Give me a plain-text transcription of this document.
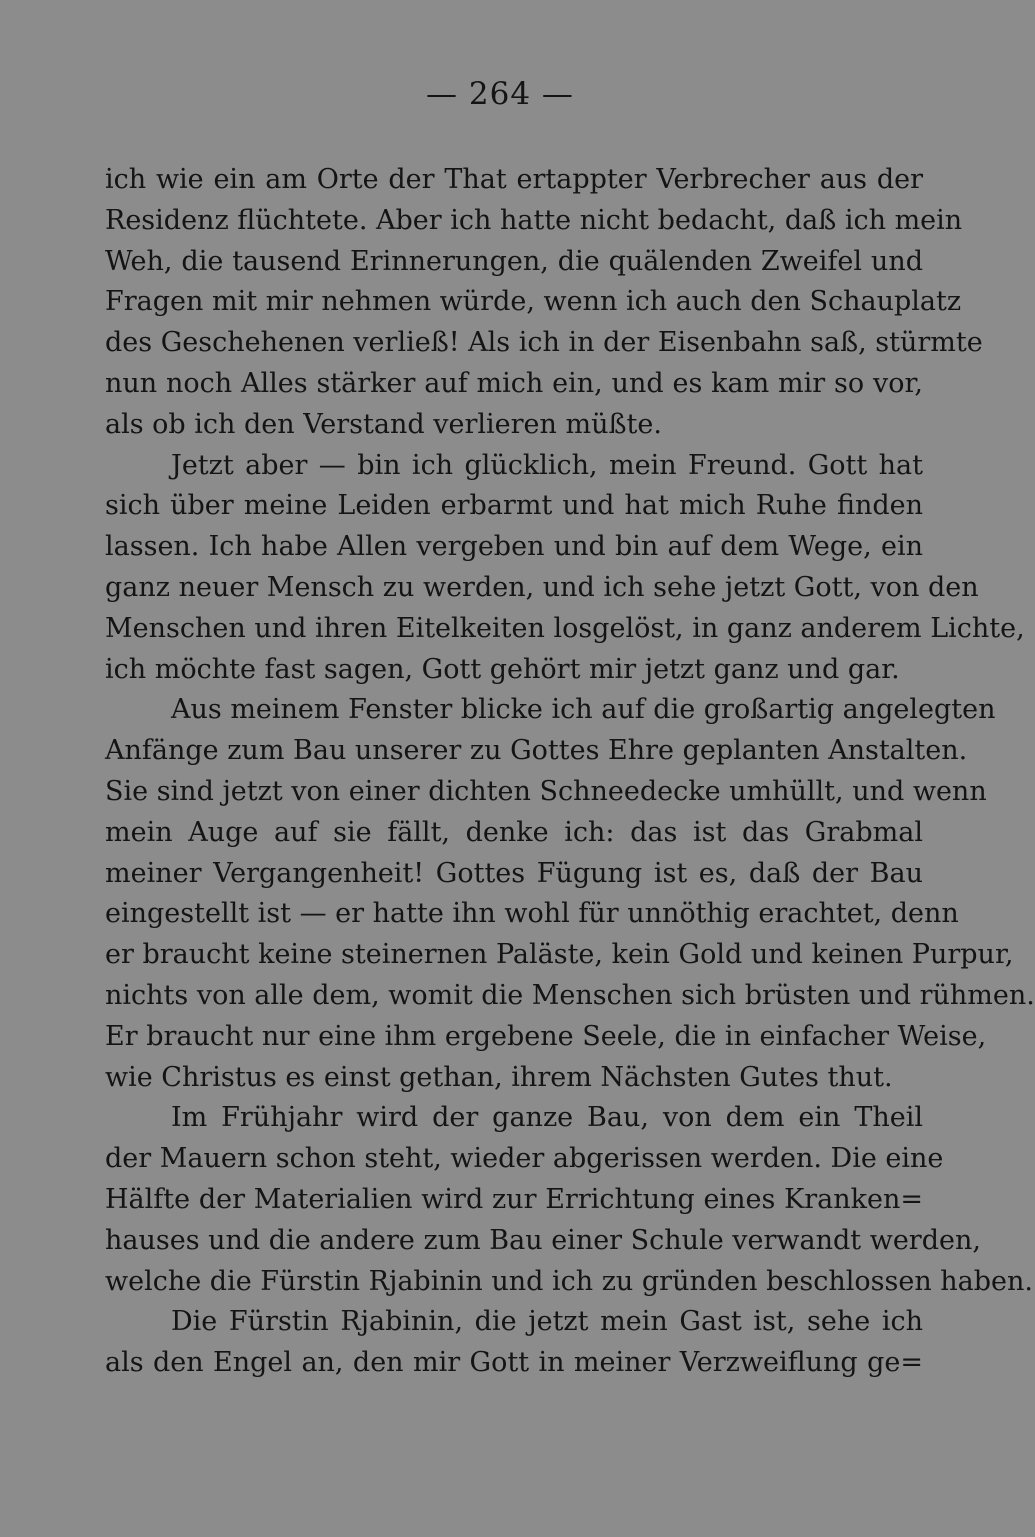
— 264 —
ich wie ein am Orte der That ertappter Verbrecher aus der
Residenz flüchtete. Aber ich hatte nicht bedacht, daß ich mein
Weh, die tausend Erinnerungen, die quälenden Zweifel und
Fragen mit mir nehmen würde, wenn ich auch den Schauplatz
des Geschehenen verließ! Als ich in der Eisenbahn saß, stürmte
nun noch Alles stärker auf mich ein, und es kam mir so vor,
als ob ich den Verstand verlieren müßte.
Jetzt aber — bin ich glücklich, mein Freund. Gott hat
sich über meine Leiden erbarmt und hat mich Ruhe finden
lassen. Ich habe Allen vergeben und bin auf dem Wege, ein
ganz neuer Mensch zu werden, und ich sehe jetzt Gott, von den
Menschen und ihren Eitelkeiten losgelöst, in ganz anderem Lichte,
ich möchte fast sagen, Gott gehört mir jetzt ganz und gar.
Aus meinem Fenster blicke ich auf die großartig angelegten
Anfänge zum Bau unserer zu Gottes Ehre geplanten Anstalten.
Sie sind jetzt von einer dichten Schneedecke umhüllt, und wenn
mein Auge auf sie fällt, denke ich: das ist das Grabmal
meiner Vergangenheit! Gottes Fügung ist es, daß der Bau
eingestellt ist — er hatte ihn wohl für unnöthig erachtet, denn
er braucht keine steinernen Paläste, kein Gold und keinen Purpur,
nichts von alle dem, womit die Menschen sich brüsten und rühmen.
Er braucht nur eine ihm ergebene Seele, die in einfacher Weise,
wie Christus es einst gethan, ihrem Nächsten Gutes thut.
Im Frühjahr wird der ganze Bau, von dem ein Theil
der Mauern schon steht, wieder abgerissen werden. Die eine
Hälfte der Materialien wird zur Errichtung eines Kranken=
hauses und die andere zum Bau einer Schule verwandt werden,
welche die Fürstin Rjabinin und ich zu gründen beschlossen haben.
Die Fürstin Rjabinin, die jetzt mein Gast ist, sehe ich
als den Engel an, den mir Gott in meiner Verzweiflung ge=
